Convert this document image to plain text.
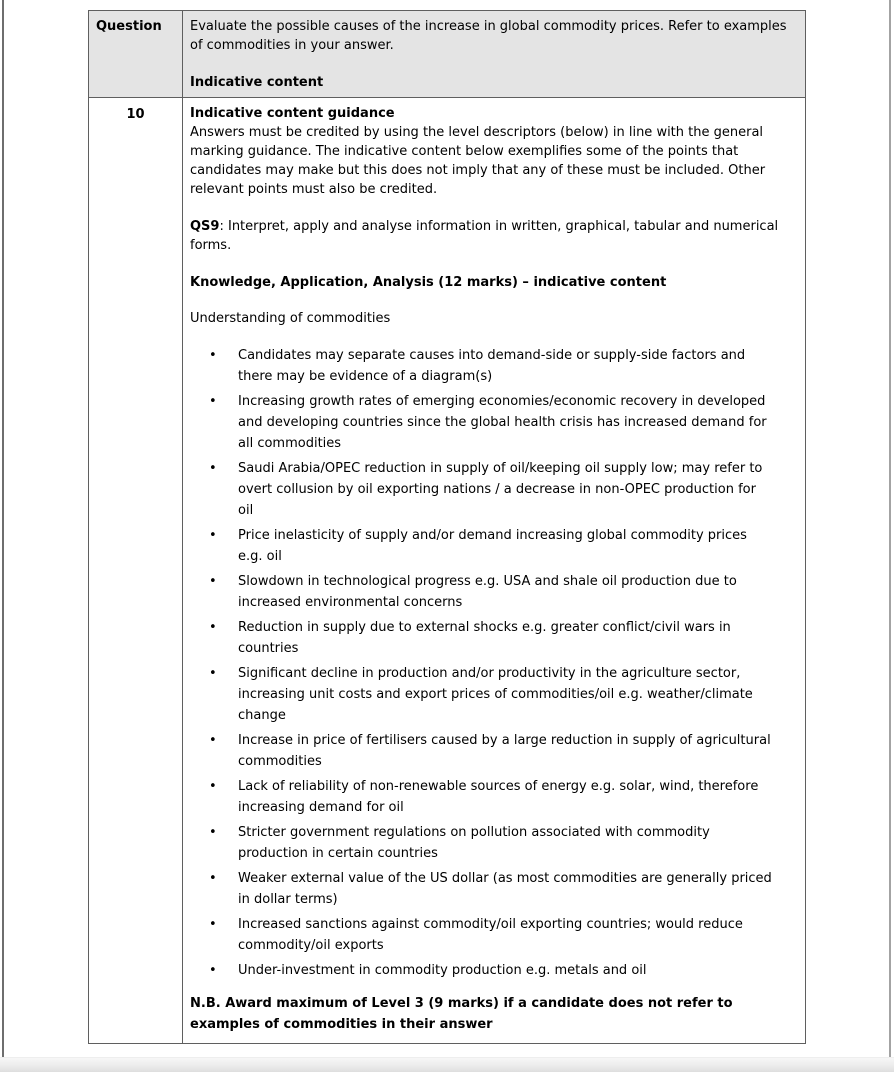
Question	Evaluate the possible causes of the increase in global commodity prices. Refer to examples of commodities in your answer.

Indicative content

10	Indicative content guidance

Answers must be credited by using the level descriptors (below) in line with the general marking guidance. The indicative content below exemplifies some of the points that candidates may make but this does not imply that any of these must be included. Other relevant points must also be credited.

QS9: Interpret, apply and analyse information in written, graphical, tabular and numerical forms.

Knowledge, Application, Analysis (12 marks) – indicative content

Understanding of commodities

• Candidates may separate causes into demand-side or supply-side factors and there may be evidence of a diagram(s)
• Increasing growth rates of emerging economies/economic recovery in developed and developing countries since the global health crisis has increased demand for all commodities
• Saudi Arabia/OPEC reduction in supply of oil/keeping oil supply low; may refer to overt collusion by oil exporting nations / a decrease in non-OPEC production for oil
• Price inelasticity of supply and/or demand increasing global commodity prices e.g. oil
• Slowdown in technological progress e.g. USA and shale oil production due to increased environmental concerns
• Reduction in supply due to external shocks e.g. greater conflict/civil wars in countries
• Significant decline in production and/or productivity in the agriculture sector, increasing unit costs and export prices of commodities/oil e.g. weather/climate change
• Increase in price of fertilisers caused by a large reduction in supply of agricultural commodities
• Lack of reliability of non-renewable sources of energy e.g. solar, wind, therefore increasing demand for oil
• Stricter government regulations on pollution associated with commodity production in certain countries
• Weaker external value of the US dollar (as most commodities are generally priced in dollar terms)
• Increased sanctions against commodity/oil exporting countries; would reduce commodity/oil exports
• Under-investment in commodity production e.g. metals and oil

N.B. Award maximum of Level 3 (9 marks) if a candidate does not refer to examples of commodities in their answer
